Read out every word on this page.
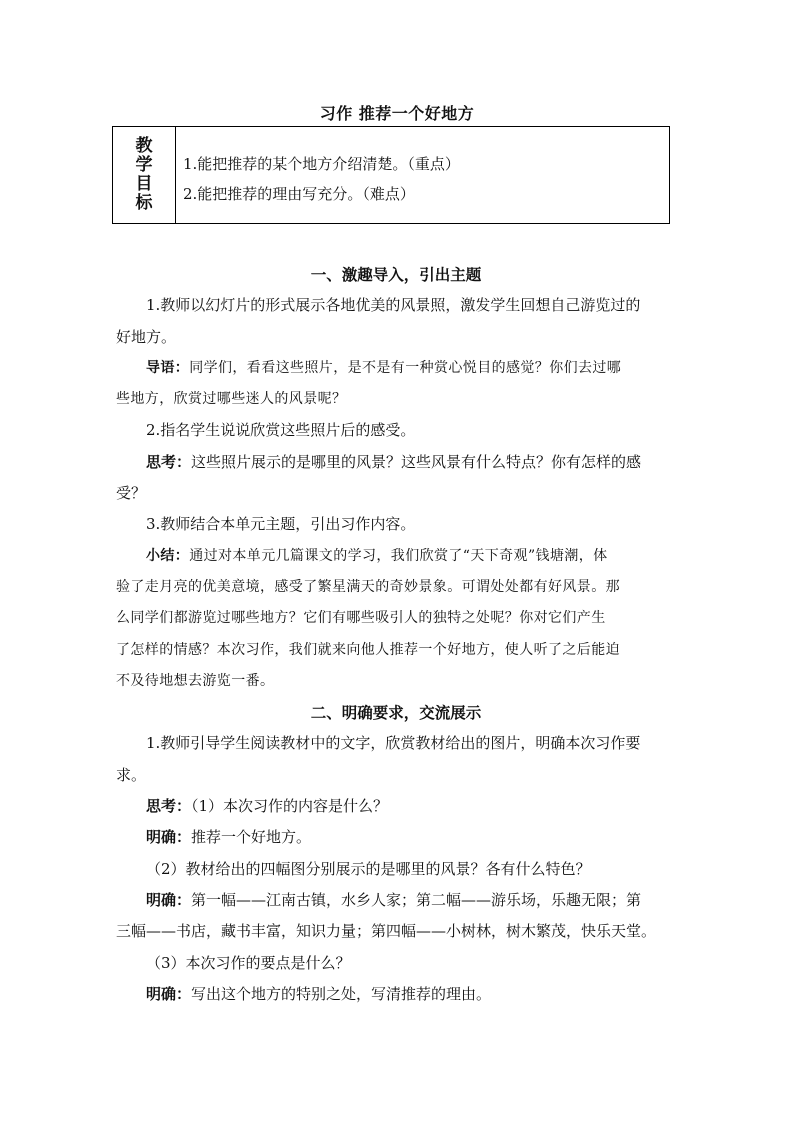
习作 推荐一个好地方
教
学
目
标
1.能把推荐的某个地方介绍清楚。（重点）
2.能把推荐的理由写充分。（难点）

一、激趣导入，引出主题

1.教师以幻灯片的形式展示各地优美的风景照，激发学生回想自己游览过的

好地方。

导语：同学们，看看这些照片，是不是有一种赏心悦目的感觉？你们去过哪

些地方，欣赏过哪些迷人的风景呢？

2.指名学生说说欣赏这些照片后的感受。

思考：这些照片展示的是哪里的风景？这些风景有什么特点？你有怎样的感

受？

3.教师结合本单元主题，引出习作内容。

小结：通过对本单元几篇课文的学习，我们欣赏了“天下奇观”钱塘潮，体

验了走月亮的优美意境，感受了繁星满天的奇妙景象。可谓处处都有好风景。那

么同学们都游览过哪些地方？它们有哪些吸引人的独特之处呢？你对它们产生

了怎样的情感？本次习作，我们就来向他人推荐一个好地方，使人听了之后能迫

不及待地想去游览一番。

二、明确要求，交流展示

1.教师引导学生阅读教材中的文字，欣赏教材给出的图片，明确本次习作要

求。

思考：（1）本次习作的内容是什么？

明确：推荐一个好地方。

（2）教材给出的四幅图分别展示的是哪里的风景？各有什么特色？

明确：第一幅——江南古镇，水乡人家；第二幅——游乐场，乐趣无限；第

三幅——书店，藏书丰富，知识力量；第四幅——小树林，树木繁茂，快乐天堂。

（3）本次习作的要点是什么？

明确：写出这个地方的特别之处，写清推荐的理由。
